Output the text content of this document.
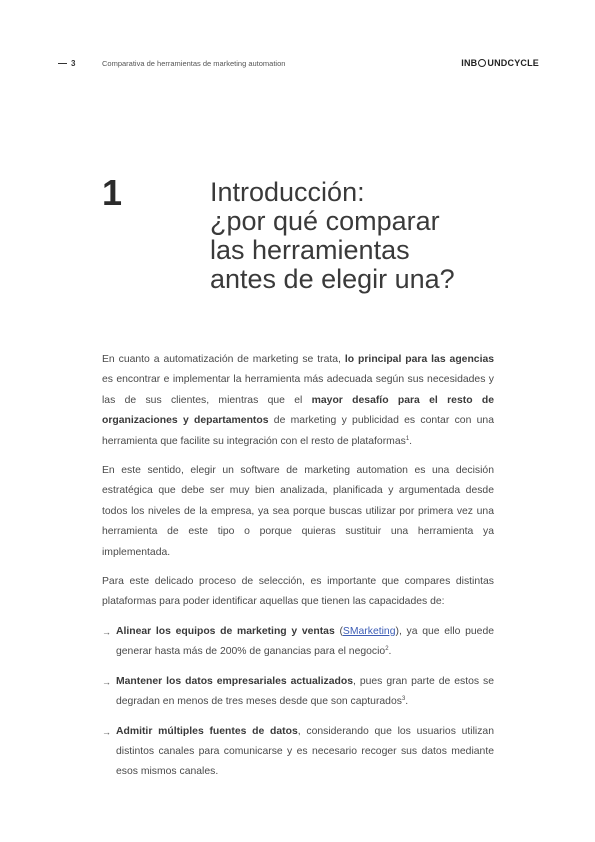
3	Comparativa de herramientas de marketing automation	INB UNDCYCLE
1	Introducción:
¿por qué comparar
las herramientas
antes de elegir una?

En cuanto a automatización de marketing se trata, lo principal para las agencias es encontrar e implementar la herramienta más adecuada según sus necesidades y las de sus clientes, mientras que el mayor desafío para el resto de organizaciones y departamentos de marketing y publicidad es contar con una herramienta que facilite su integración con el resto de plataformas$^1$.

En este sentido, elegir un software de marketing automation es una decisión estratégica que debe ser muy bien analizada, planificada y argumentada desde todos los niveles de la empresa, ya sea porque buscas utilizar por primera vez una herramienta de este tipo o porque quieras sustituir una herramienta ya implementada.

Para este delicado proceso de selección, es importante que compares distintas plataformas para poder identificar aquellas que tienen las capacidades de:

→ Alinear los equipos de marketing y ventas (SMarketing), ya que ello puede generar hasta más de 200% de ganancias para el negocio$^2$.
→ Mantener los datos empresariales actualizados, pues gran parte de estos se degradan en menos de tres meses desde que son capturados$^3$.
→ Admitir múltiples fuentes de datos, considerando que los usuarios utilizan distintos canales para comunicarse y es necesario recoger sus datos mediante esos mismos canales.
